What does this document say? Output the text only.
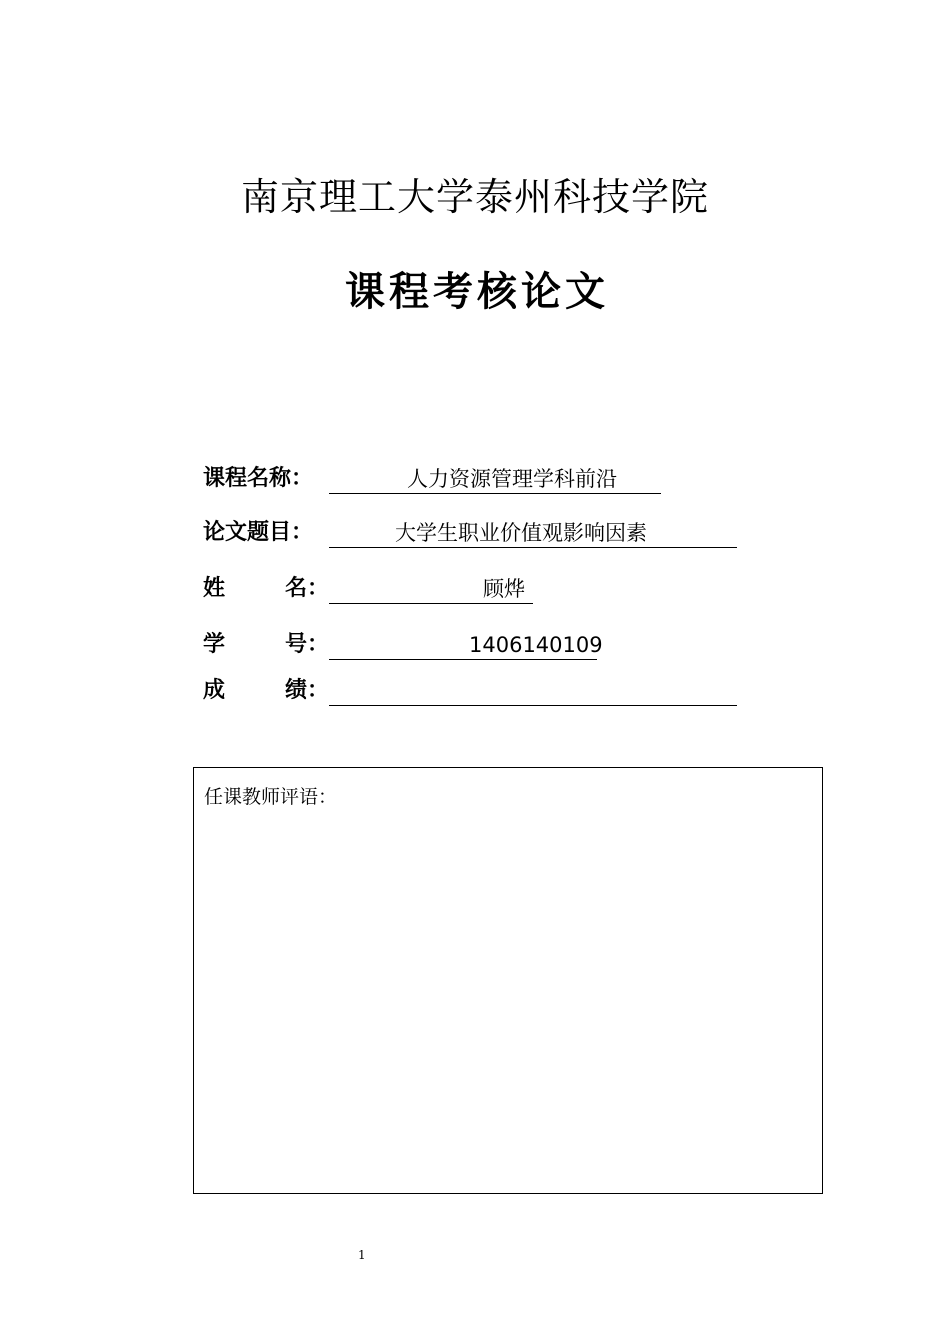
南京理工大学泰州科技学院
课程考核论文
课程名称：	人力资源管理学科前沿
论文题目：	大学生职业价值观影响因素
姓	名：	顾烨
学	号：	1406140109
成	绩：
任课教师评语：
1
